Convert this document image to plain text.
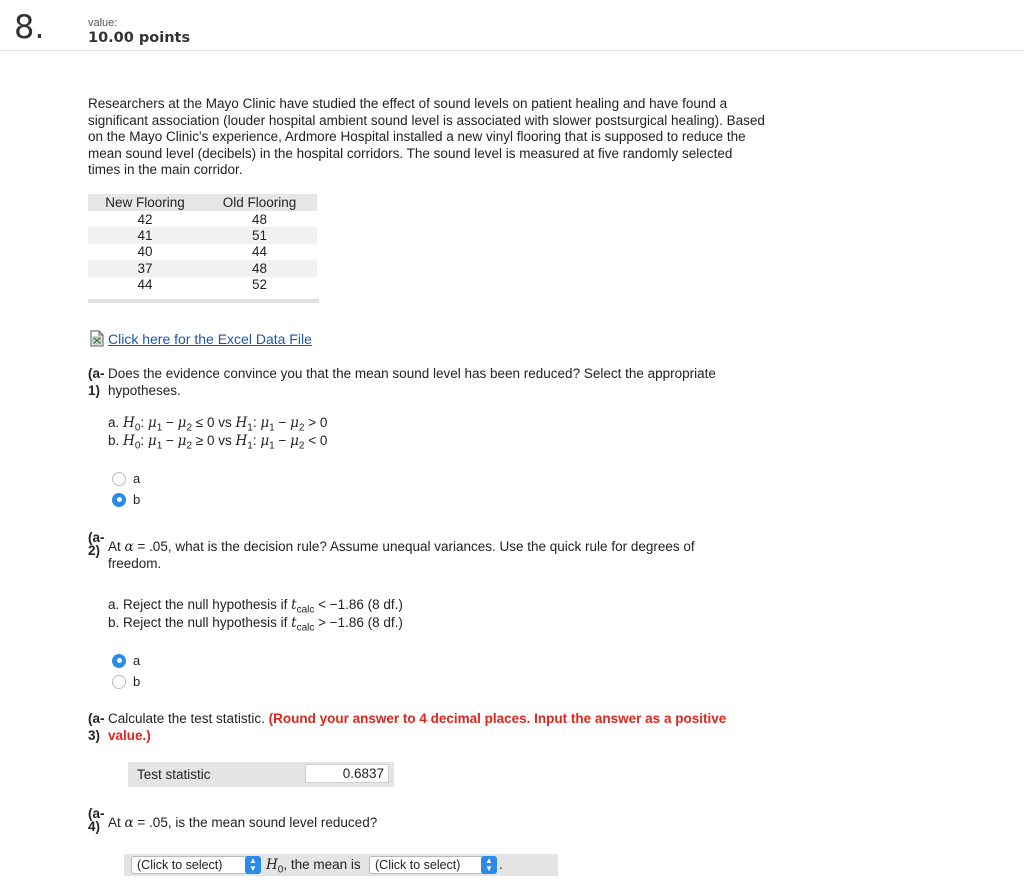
8.	value:
10.00 points
Researchers at the Mayo Clinic have studied the effect of sound levels on patient healing and have found a significant association (louder hospital ambient sound level is associated with slower postsurgical healing). Based on the Mayo Clinic's experience, Ardmore Hospital installed a new vinyl flooring that is supposed to reduce the mean sound level (decibels) in the hospital corridors. The sound level is measured at five randomly selected times in the main corridor.
New Flooring	Old Flooring
42	48
41	51
40	44
37	48
44	52
Click here for the Excel Data File
(a-
1)
Does the evidence convince you that the mean sound level has been reduced? Select the appropriate
hypotheses.
a. $H_0$: $\mu_1 - \mu_2 \le 0$ vs $H_1$: $\mu_1 - \mu_2 > 0$
b. $H_0$: $\mu_1 - \mu_2 \ge 0$ vs $H_1$: $\mu_1 - \mu_2 < 0$
a
b
(a-
2) At α = .05, what is the decision rule? Assume unequal variances. Use the quick rule for degrees of
freedom.
a. Reject the null hypothesis if $t_{calc} < -1.86$ (8 df.)
b. Reject the null hypothesis if $t_{calc} > -1.86$ (8 df.)
a
b
(a-
3)
Calculate the test statistic. (Round your answer to 4 decimal places. Input the answer as a positive
value.)
Test statistic	0.6837
(a-
4) At α = .05, is the mean sound level reduced?
(Click to select)	▲
▼ $H_0$, the mean is (Click to select)	▲
▼ .
